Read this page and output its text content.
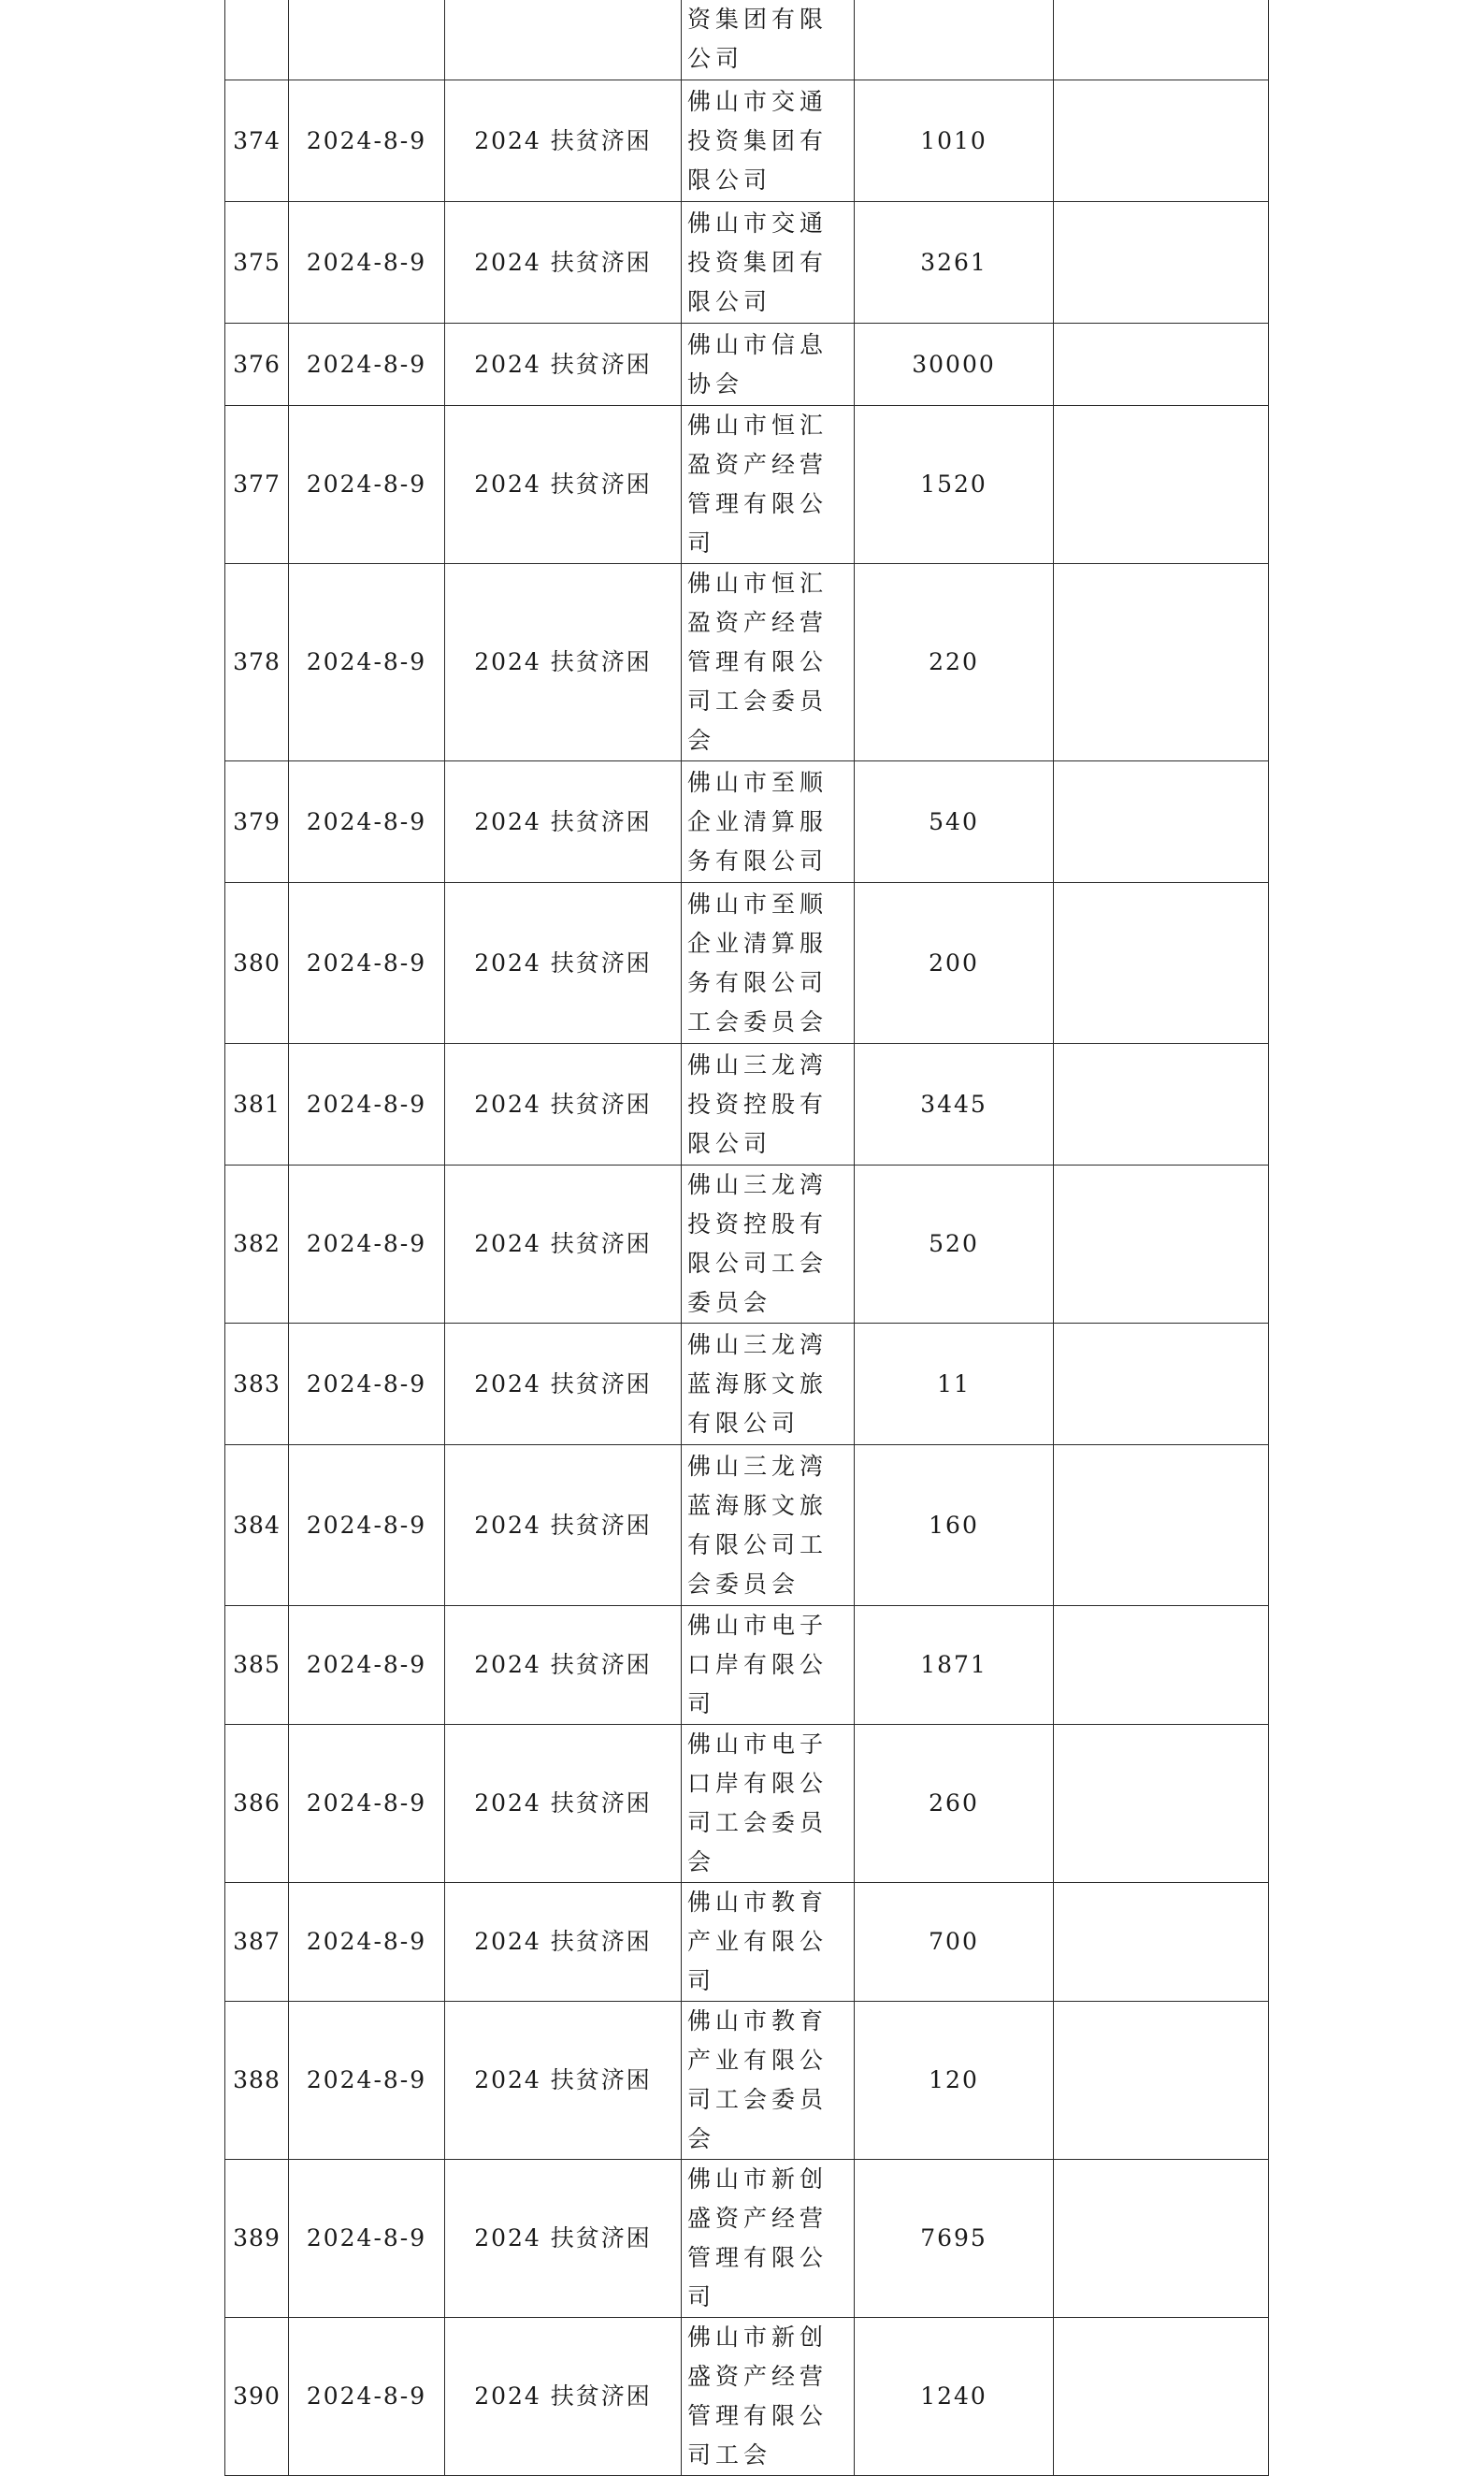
			资集团有限公司		
374	2024-8-9	2024 扶贫济困	佛山市交通投资集团有限公司	1010	
375	2024-8-9	2024 扶贫济困	佛山市交通投资集团有限公司	3261	
376	2024-8-9	2024 扶贫济困	佛山市信息协会	30000	
377	2024-8-9	2024 扶贫济困	佛山市恒汇盈资产经营管理有限公司	1520	
378	2024-8-9	2024 扶贫济困	佛山市恒汇盈资产经营管理有限公司工会委员会	220	
379	2024-8-9	2024 扶贫济困	佛山市至顺企业清算服务有限公司	540	
380	2024-8-9	2024 扶贫济困	佛山市至顺企业清算服务有限公司工会委员会	200	
381	2024-8-9	2024 扶贫济困	佛山三龙湾投资控股有限公司	3445	
382	2024-8-9	2024 扶贫济困	佛山三龙湾投资控股有限公司工会委员会	520	
383	2024-8-9	2024 扶贫济困	佛山三龙湾蓝海豚文旅有限公司	11	
384	2024-8-9	2024 扶贫济困	佛山三龙湾蓝海豚文旅有限公司工会委员会	160	
385	2024-8-9	2024 扶贫济困	佛山市电子口岸有限公司	1871	
386	2024-8-9	2024 扶贫济困	佛山市电子口岸有限公司工会委员会	260	
387	2024-8-9	2024 扶贫济困	佛山市教育产业有限公司	700	
388	2024-8-9	2024 扶贫济困	佛山市教育产业有限公司工会委员会	120	
389	2024-8-9	2024 扶贫济困	佛山市新创盛资产经营管理有限公司	7695	
390	2024-8-9	2024 扶贫济困	佛山市新创盛资产经营管理有限公司工会	1240	
